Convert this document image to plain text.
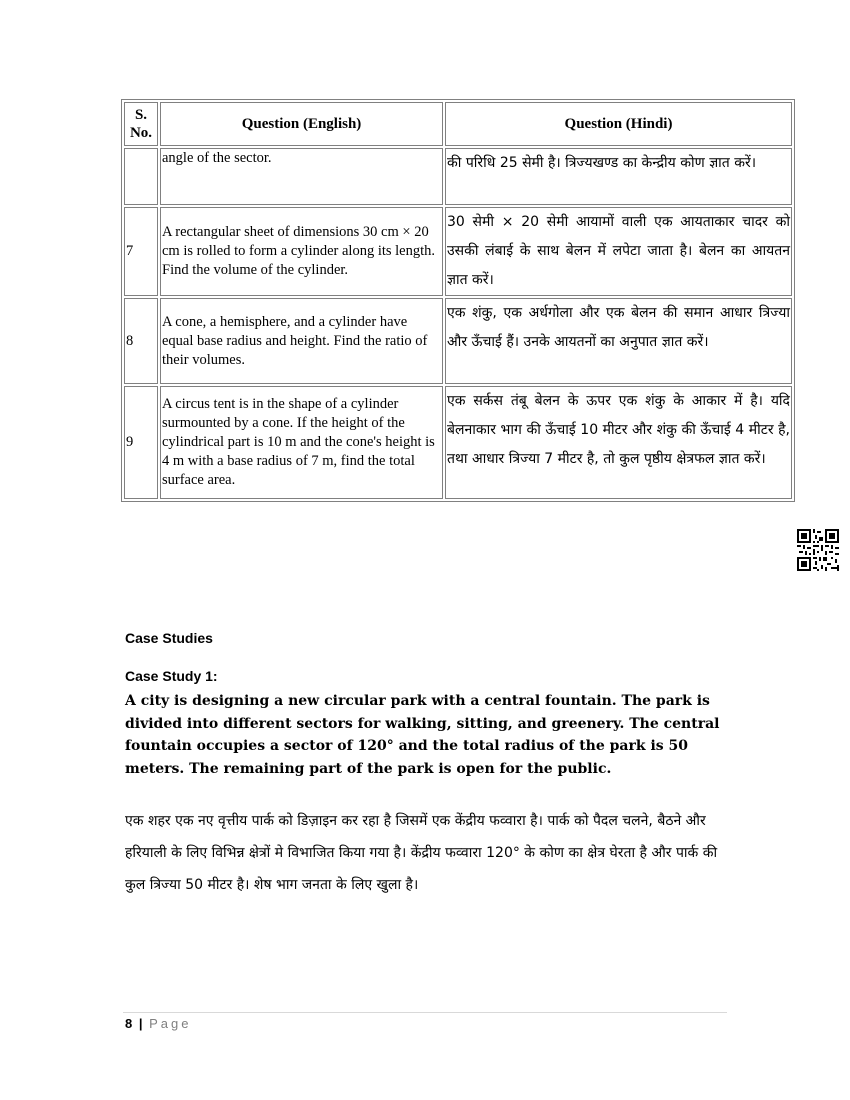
S. No.	Question (English)	Question (Hindi)
	angle of the sector.	की परिधि 25 सेमी है। त्रिज्यखण्ड का केन्द्रीय कोण ज्ञात करें।
7	A rectangular sheet of dimensions 30 cm × 20 cm is rolled to form a cylinder along its length. Find the volume of the cylinder.	30 सेमी × 20 सेमी आयामों वाली एक आयताकार चादर को उसकी लंबाई के साथ बेलन में लपेटा जाता है। बेलन का आयतन ज्ञात करें।
8	A cone, a hemisphere, and a cylinder have equal base radius and height. Find the ratio of their volumes.	एक शंकु, एक अर्धगोला और एक बेलन की समान आधार त्रिज्या और ऊँचाई हैं। उनके आयतनों का अनुपात ज्ञात करें।
9	A circus tent is in the shape of a cylinder surmounted by a cone. If the height of the cylindrical part is 10 m and the cone's height is 4 m with a base radius of 7 m, find the total surface area.	एक सर्कस तंबू बेलन के ऊपर एक शंकु के आकार में है। यदि बेलनाकार भाग की ऊँचाई 10 मीटर और शंकु की ऊँचाई 4 मीटर है, तथा आधार त्रिज्या 7 मीटर है, तो कुल पृष्ठीय क्षेत्रफल ज्ञात करें।
Case Studies
Case Study 1:
A city is designing a new circular park with a central fountain. The park is divided into different sectors for walking, sitting, and greenery. The central fountain occupies a sector of 120° and the total radius of the park is 50 meters. The remaining part of the park is open for the public.
एक शहर एक नए वृत्तीय पार्क को डिज़ाइन कर रहा है जिसमें एक केंद्रीय फव्वारा है। पार्क को पैदल चलने, बैठने और हरियाली के लिए विभिन्न क्षेत्रों मे विभाजित किया गया है। केंद्रीय फव्वारा 120° के कोण का क्षेत्र घेरता है और पार्क की कुल त्रिज्या 50 मीटर है। शेष भाग जनता के लिए खुला है।
8 | Page
